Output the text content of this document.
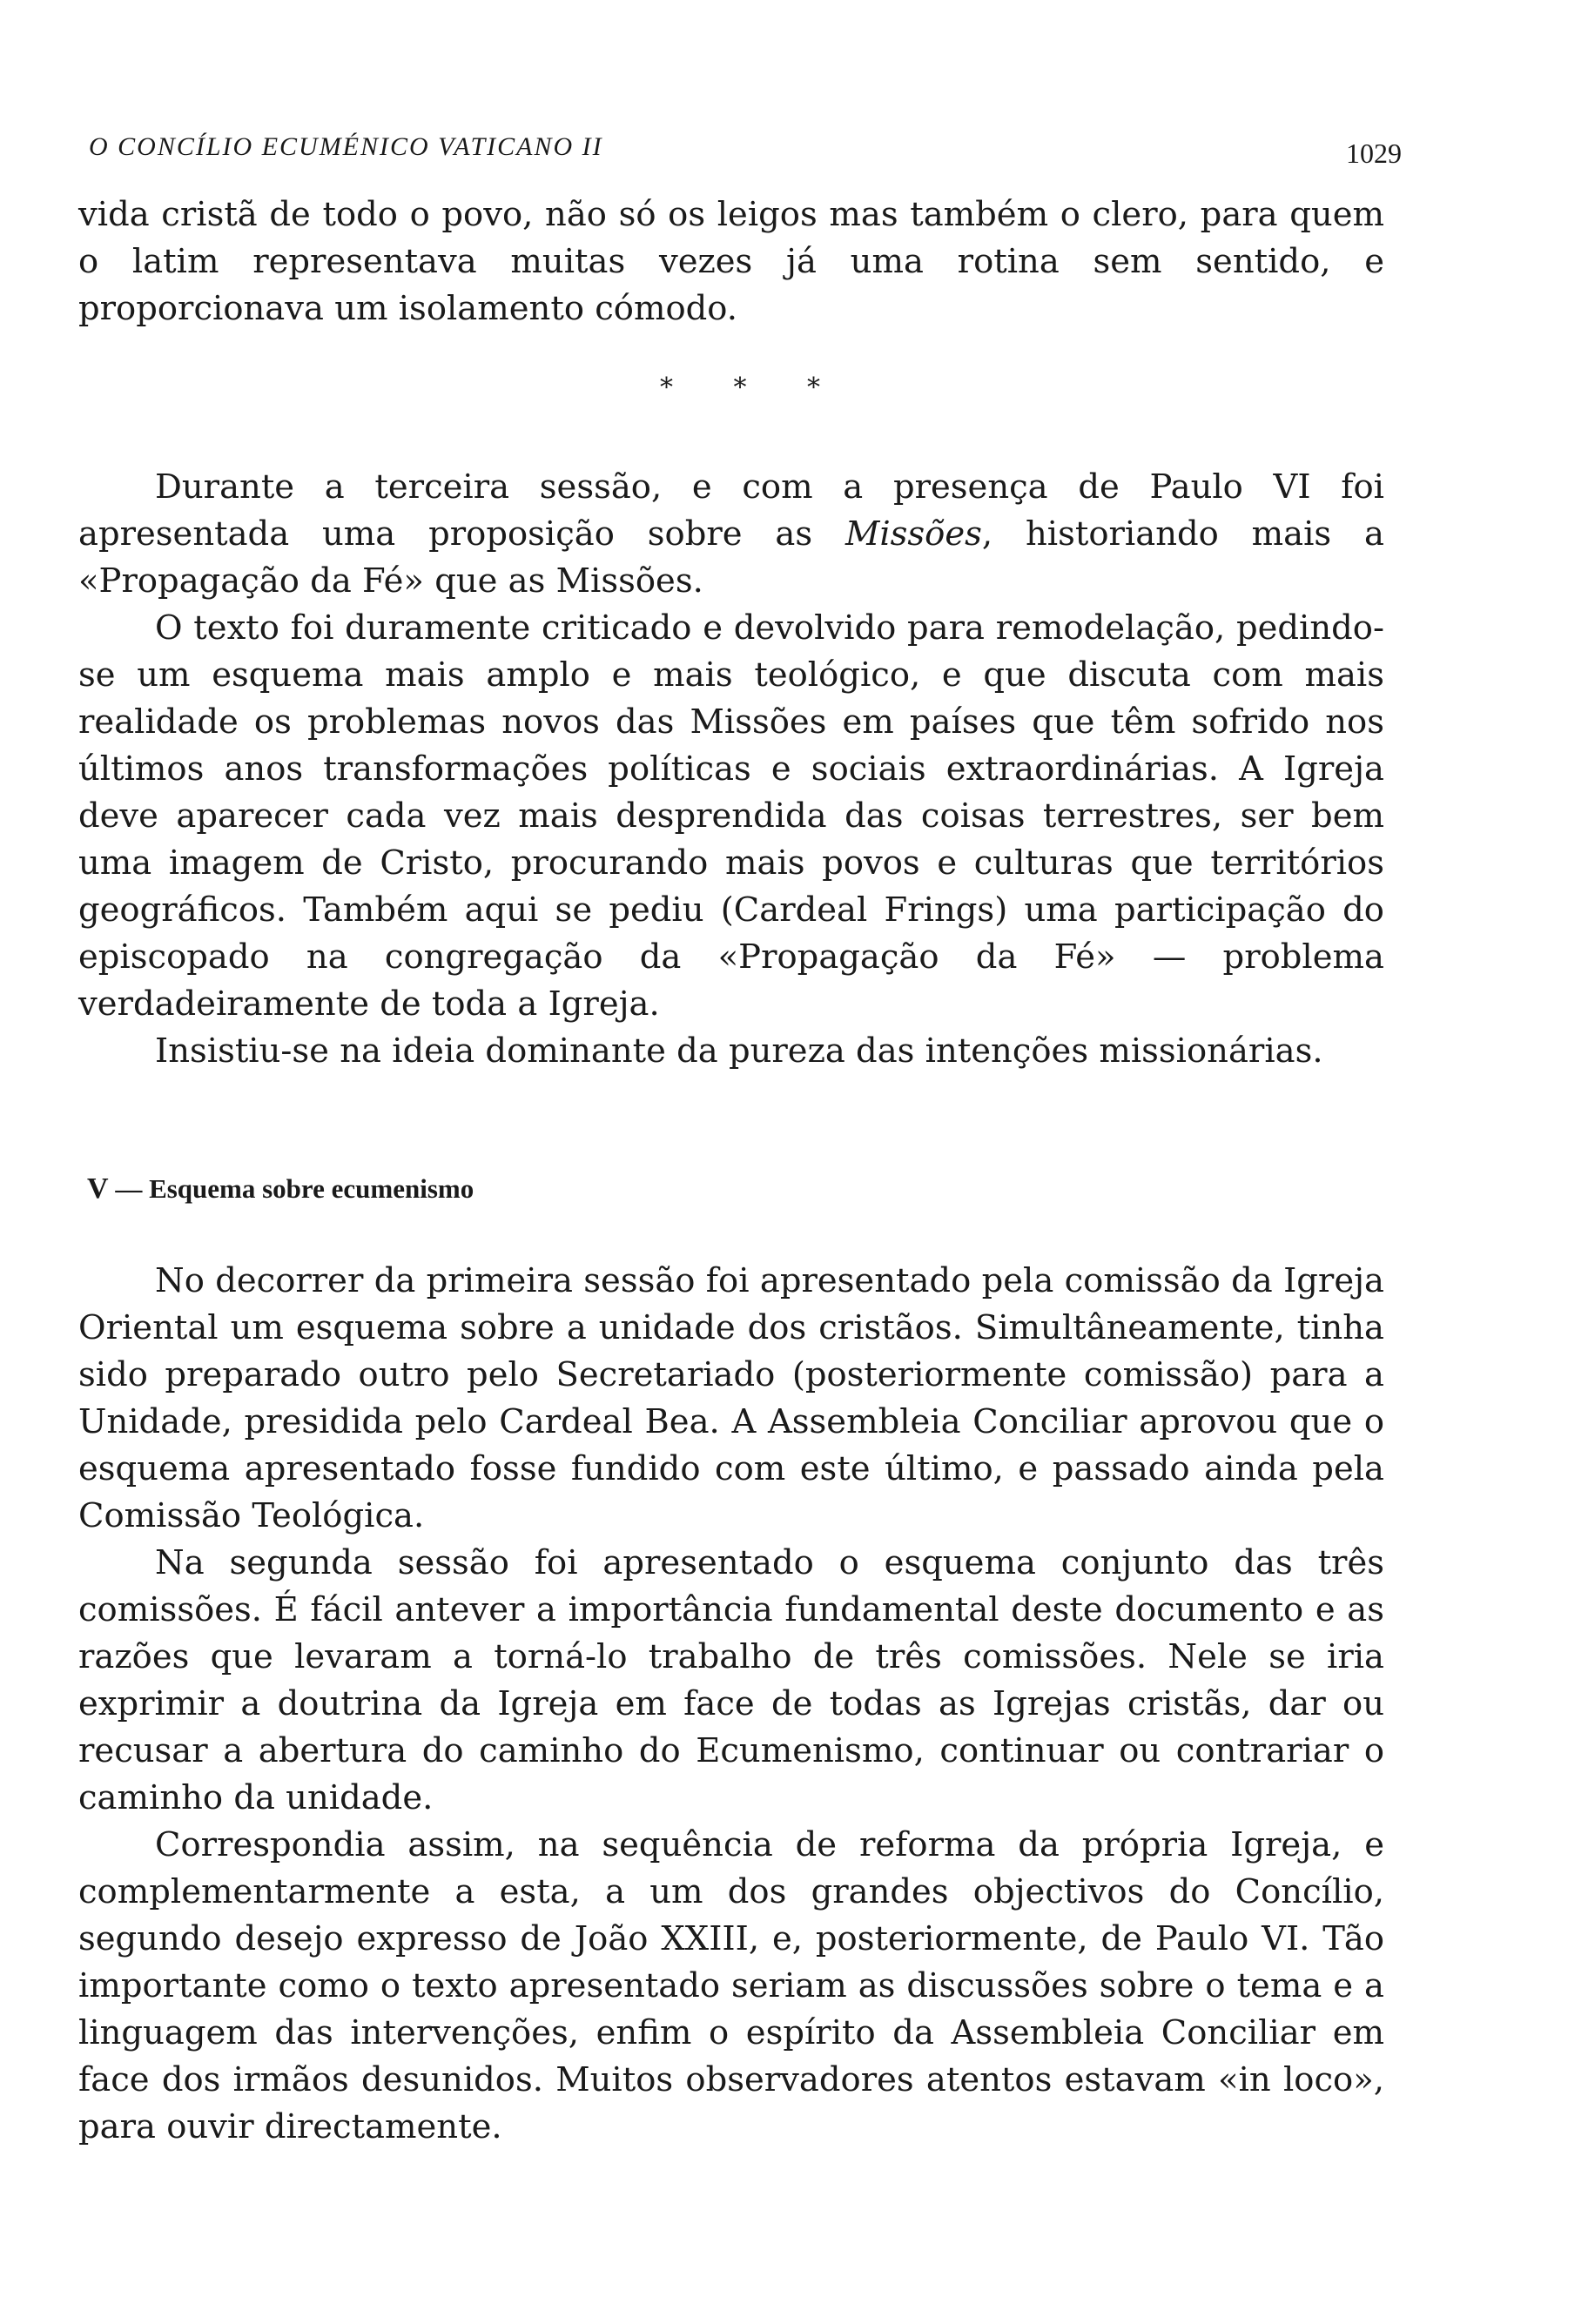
O CONCÍLIO ECUMÉNICO VATICANO II	1029

vida cristã de todo o povo, não só os leigos mas também o clero, para quem o latim representava muitas vezes já uma rotina sem sentido, e proporcionava um isolamento cómodo.

* * *

Durante a terceira sessão, e com a presença de Paulo VI foi apresentada uma proposição sobre as Missões, historiando mais a «Propagação da Fé» que as Missões.

O texto foi duramente criticado e devolvido para remodelação, pedindo-se um esquema mais amplo e mais teológico, e que discuta com mais realidade os problemas novos das Missões em países que têm sofrido nos últimos anos transformações políticas e sociais extraordinárias. A Igreja deve aparecer cada vez mais desprendida das coisas terrestres, ser bem uma imagem de Cristo, procurando mais povos e culturas que territórios geográficos. Também aqui se pediu (Cardeal Frings) uma participação do episcopado na congregação da «Propagação da Fé» — problema verdadeiramente de toda a Igreja.

Insistiu-se na ideia dominante da pureza das intenções missionárias.

V — Esquema sobre ecumenismo

No decorrer da primeira sessão foi apresentado pela comissão da Igreja Oriental um esquema sobre a unidade dos cristãos. Simultâneamente, tinha sido preparado outro pelo Secretariado (posteriormente comissão) para a Unidade, presidida pelo Cardeal Bea. A Assembleia Conciliar aprovou que o esquema apresentado fosse fundido com este último, e passado ainda pela Comissão Teológica.

Na segunda sessão foi apresentado o esquema conjunto das três comissões. É fácil antever a importância fundamental deste documento e as razões que levaram a torná-lo trabalho de três comissões. Nele se iria exprimir a doutrina da Igreja em face de todas as Igrejas cristãs, dar ou recusar a abertura do caminho do Ecumenismo, continuar ou contrariar o caminho da unidade.

Correspondia assim, na sequência de reforma da própria Igreja, e complementarmente a esta, a um dos grandes objectivos do Concílio, segundo desejo expresso de João XXIII, e, posteriormente, de Paulo VI. Tão importante como o texto apresentado seriam as discussões sobre o tema e a linguagem das intervenções, enfim o espírito da Assembleia Conciliar em face dos irmãos desunidos. Muitos observadores atentos estavam «in loco», para ouvir directamente.
